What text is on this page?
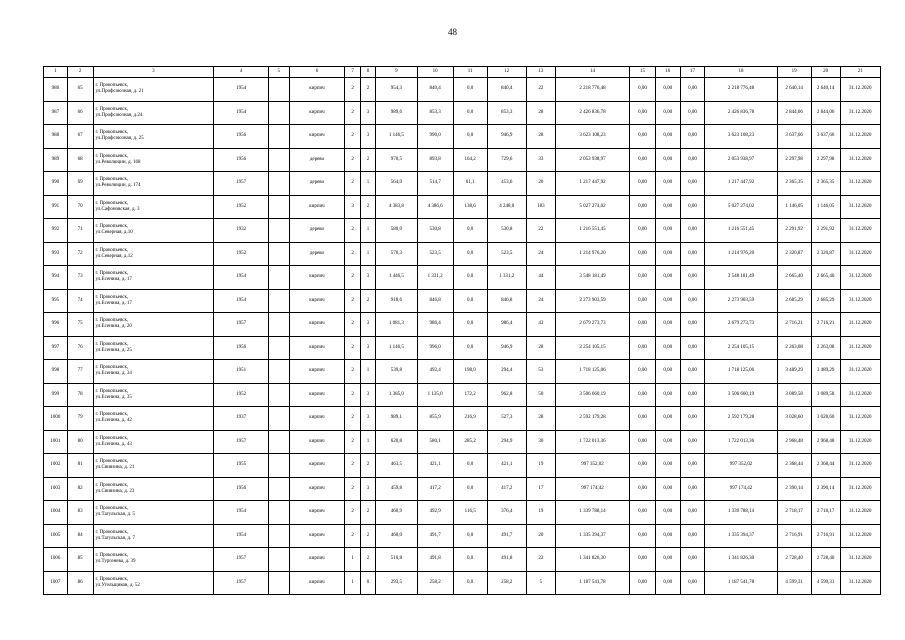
48
1	2	3	4	5	6	7	8	9	10	11	12	13	14	15	16	17	18	19	20	21
986	65	г. Прокопьевск,
ул.Профсоюзная, д. 21	1954		кирпич	2	2	954,3	840,4	0,0	840,4	22	2 218 776,48	0,00	0,00	0,00	2 218 776,48	2 640,14	2 640,14	31.12.2020
987	66	г. Прокопьевск,
ул.Профсоюзная, д.24	1954		кирпич	2	3	989,6	853,3	0,0	853,3	28	2 426 836,78	0,00	0,00	0,00	2 426 836,78	2 844,06	2 844,06	31.12.2020
988	67	г. Прокопьевск,
ул.Профсоюзная, д. 25	1956		кирпич	2	3	1 146,5	990,0	0,0	946,9	28	3 623 108,23	0,00	0,00	0,00	3 623 108,23	3 637,66	3 637,66	31.12.2020
989	68	г. Прокопьевск,
ул.Революции, д. 168	1956		дерево	2	2	970,5	893,8	164,2	729,6	33	2 053 938,97	0,00	0,00	0,00	2 053 938,97	2 297,98	2 297,98	31.12.2020
990	69	г. Прокопьевск,
ул.Революции, д. 174	1957		дерево	2	1	564,0	514,7	61,1	453,6	20	1 217 447,92	0,00	0,00	0,00	1 217 447,92	2 365,35	2 365,35	31.12.2020
991	70	г. Прокопьевск,
ул.Сафоновская, д. 3	1952		кирпич	3	2	4 383,8	4 386,6	138,6	4 248,0	183	5 027 274,02	0,00	0,00	0,00	5 027 274,02	1 146,05	1 146,05	31.12.2020
992	71	г. Прокопьевск,
ул.Северная, д.10	1932		дерево	2	1	580,0	530,8	0,0	530,8	22	1 216 551,45	0,00	0,00	0,00	1 216 551,45	2 291,92	2 291,92	31.12.2020
993	72	г. Прокопьевск,
ул.Северная, д.12	1952		дерево	2	1	570,3	523,5	0,0	523,5	24	1 214 976,20	0,00	0,00	0,00	1 214 976,20	2 320,87	2 320,87	31.12.2020
994	73	г. Прокопьевск,
ул.Есенина, д. 17	1954		кирпич	2	3	1 446,5	1 331,2	0,0	1 331,2	44	3 548 181,49	0,00	0,00	0,00	3 548 181,49	2 665,40	2 665,40	31.12.2020
995	74	г. Прокопьевск,
ул.Есенина, д. 17	1954		кирпич	2	2	918,6	846,8	0,0	846,8	24	2 273 903,59	0,00	0,00	0,00	2 273 903,59	2 685,29	2 685,29	31.12.2020
996	75	г. Прокопьевск,
ул.Есенина, д. 20	1957		кирпич	2	3	1 081,3	986,4	0,0	986,4	43	2 679 273,73	0,00	0,00	0,00	2 679 273,73	2 716,21	2 716,21	31.12.2020
997	76	г. Прокопьевск,
ул.Есенина, д. 25	1956		кирпич	2	3	1 146,5	996,0	0,0	946,9	28	2 254 105,15	0,00	0,00	0,00	2 254 105,15	2 263,08	2 263,08	31.12.2020
998	77	г. Прокопьевск,
ул.Есенина, д. 34	1951		кирпич	2	1	539,8	492,4	198,0	294,4	53	1 718 125,06	0,00	0,00	0,00	1 718 125,06	3 489,29	3 489,29	31.12.2020
999	78	г. Прокопьевск,
ул.Есенина, д. 35	1952		кирпич	2	3	1 385,0	1 135,0	172,2	962,8	50	3 506 660,19	0,00	0,00	0,00	3 506 660,19	3 089,58	3 089,58	31.12.2020
1000	79	г. Прокопьевск,
ул.Есенина, д. 42	1937		кирпич	2	3	989,1	855,9	216,9	527,3	28	2 592 179,28	0,00	0,00	0,00	2 592 179,28	3 028,60	3 028,60	31.12.2020
1001	80	г. Прокопьевск,
ул.Есенина, д. 43	1957		кирпич	2	1	620,8	580,1	285,2	294,9	30	1 722 013,36	0,00	0,00	0,00	1 722 013,36	2 968,48	2 968,48	31.12.2020
1002	81	г. Прокопьевск,
ул.Свиязина, д. 21	1955		кирпич	2	2	463,5	421,1	0,0	421,1	19	997 352,02	0,00	0,00	0,00	997 352,02	2 368,44	2 368,44	31.12.2020
1003	82	г. Прокопьевск,
ул.Свиязина, д. 23	1956		кирпич	2	3	459,8	417,2	0,0	417,2	17	997 174,42	0,00	0,00	0,00	997 174,42	2 390,14	2 390,14	31.12.2020
1004	83	г. Прокопьевск,
ул.Тагульская, д. 5	1954		кирпич	2	2	460,9	492,9	116,5	376,4	19	1 339 788,14	0,00	0,00	0,00	1 339 788,14	2 718,17	2 718,17	31.12.2020
1005	84	г. Прокопьевск,
ул.Тагульская, д. 7	1954		кирпич	2	2	460,0	491,7	0,0	491,7	20	1 335 394,37	0,00	0,00	0,00	1 335 394,37	2 716,91	2 716,91	31.12.2020
1006	85	г. Прокопьевск,
ул.Тургенева, д. 39	1957		кирпич	1	2	510,8	491,8	0,0	491,8	22	1 341 826,30	0,00	0,00	0,00	1 341 826,30	2 728,40	2 728,40	31.12.2020
1007	86	г. Прокопьевск,
ул.Угольщиков, д. 52	1957		кирпич	1	0	293,5	258,2	0,0	258,2	5	1 187 541,78	0,00	0,00	0,00	1 187 541,78	4 599,31	4 599,31	31.12.2020
